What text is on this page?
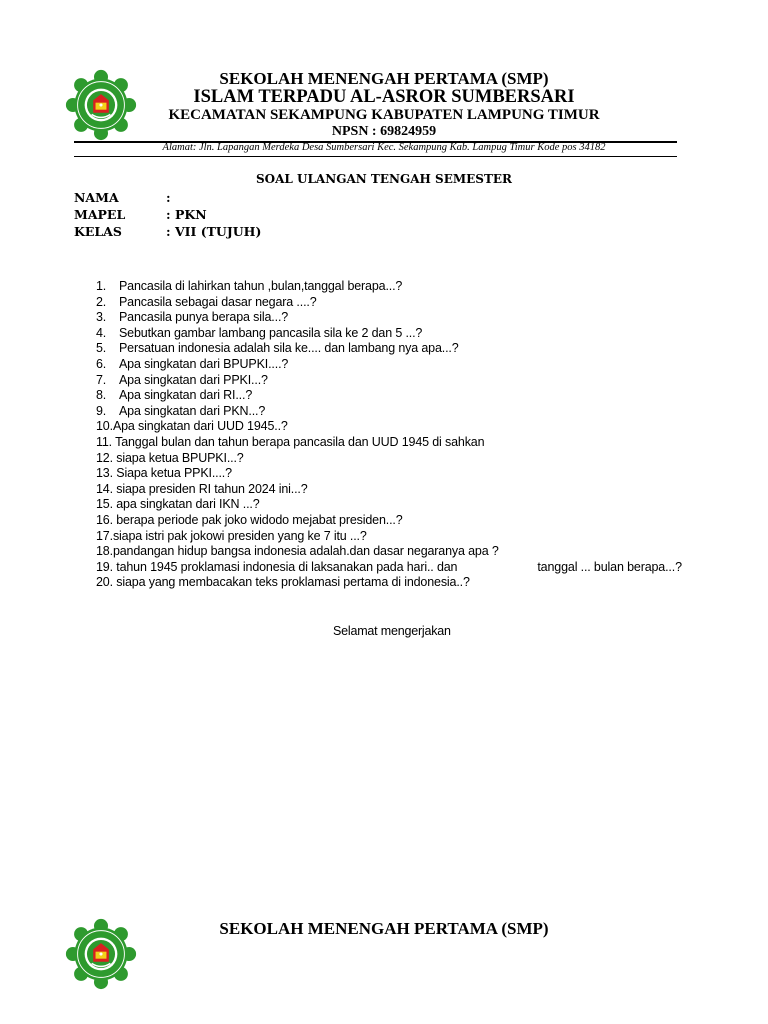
SEKOLAH MENENGAH PERTAMA (SMP)
ISLAM TERPADU AL-ASROR SUMBERSARI
KECAMATAN SEKAMPUNG KABUPATEN LAMPUNG TIMUR
NPSN : 69824959
Alamat: Jln. Lapangan Merdeka Desa Sumbersari Kec. Sekampung Kab. Lampug Timur Kode pos 34182
SOAL ULANGAN TENGAH SEMESTER
NAMA	:
MAPEL	: PKN
KELAS	: VII (TUJUH)
1. Pancasila di lahirkan tahun ,bulan,tanggal berapa...?
2. Pancasila sebagai dasar negara ....?
3. Pancasila punya berapa sila...?
4. Sebutkan gambar lambang pancasila sila ke 2 dan 5 ...?
5. Persatuan indonesia adalah sila ke.... dan lambang nya apa...?
6. Apa singkatan dari BPUPKI....?
7. Apa singkatan dari PPKI...?
8. Apa singkatan dari RI...?
9. Apa singkatan dari PKN...?
10.Apa singkatan dari UUD 1945..?
11. Tanggal bulan dan tahun berapa pancasila dan UUD 1945 di sahkan
12. siapa ketua BPUPKI...?
13. Siapa ketua PPKI....?
14. siapa presiden RI tahun 2024 ini...?
15. apa singkatan dari IKN ...?
16. berapa periode pak joko widodo mejabat presiden...?
17.siapa istri pak jokowi presiden yang ke 7 itu ...?
18.pandangan hidup bangsa indonesia adalah.dan dasar negaranya apa ?
19. tahun 1945 proklamasi indonesia di laksanakan pada hari.. dan	tanggal ... bulan berapa...?
20. siapa yang membacakan teks proklamasi pertama di indonesia..?
Selamat mengerjakan
SEKOLAH MENENGAH PERTAMA (SMP)
